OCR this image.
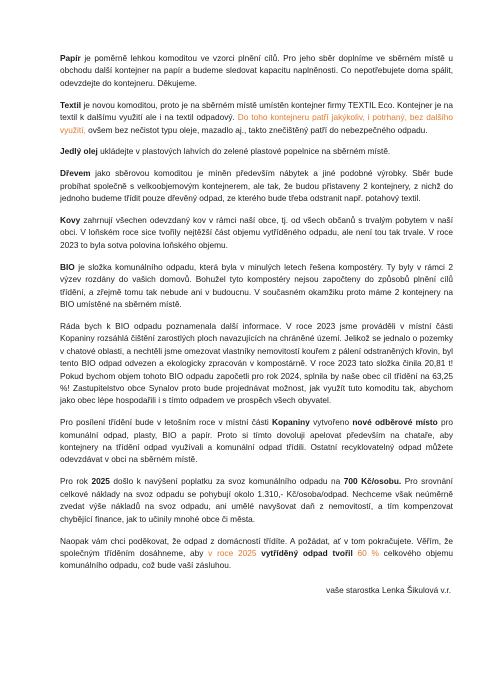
Papír je poměrně lehkou komoditou ve vzorci plnění cílů. Pro jeho sběr doplníme ve sběrném místě u obchodu další kontejner na papír a budeme sledovat kapacitu naplněnosti. Co nepotřebujete doma spálit, odevzdejte do kontejneru. Děkujeme.

Textil je novou komoditou, proto je na sběrném místě umístěn kontejner firmy TEXTIL Eco. Kontejner je na textil k dalšímu využití ale i na textil odpadový. Do toho kontejneru patří jakýkoliv, i potrhaný, bez dalšího využití, ovšem bez nečistot typu oleje, mazadlo aj., takto znečištěný patří do nebezpečného odpadu.

Jedlý olej ukládejte v plastových lahvích do zelené plastové popelnice na sběrném místě.

Dřevem jako sběrovou komoditou je míněn především nábytek a jiné podobné výrobky. Sběr bude probíhat společně s velkoobjemovým kontejnerem, ale tak, že budou přistaveny 2 kontejnery, z nichž do jednoho budeme třídit pouze dřevěný odpad, ze kterého bude třeba odstranit např. potahový textil.

Kovy zahrnují všechen odevzdaný kov v rámci naší obce, tj. od všech občanů s trvalým pobytem v naší obci. V loňském roce sice tvořily nejtěžší část objemu vytříděného odpadu, ale není tou tak trvale. V roce 2023 to byla sotva polovina loňského objemu.

BIO je složka komunálního odpadu, která byla v minulých letech řešena kompostéry. Ty byly v rámci 2 výzev rozdány do vašich domovů. Bohužel tyto kompostéry nejsou započteny do způsobů plnění cílů třídění, a zřejmě tomu tak nebude ani v budoucnu. V současném okamžiku proto máme 2 kontejnery na BIO umístěné na sběrném místě.

Ráda bych k BIO odpadu poznamenala další informace. V roce 2023 jsme prováděli v místní části Kopaniny rozsáhlá čištění zarostlých ploch navazujících na chráněné území. Jelikož se jednalo o pozemky v chatové oblasti, a nechtěli jsme omezovat vlastníky nemovitostí kouřem z pálení odstraněných křovin, byl tento BIO odpad odvezen a ekologicky zpracován v kompostárně. V roce 2023 tato složka činila 20,81 t! Pokud bychom objem tohoto BIO odpadu započetli pro rok 2024, splnila by naše obec cíl třídění na 63,25 %! Zastupitelstvo obce Synalov proto bude projednávat možnost, jak využít tuto komoditu tak, abychom jako obec lépe hospodařili i s tímto odpadem ve prospěch všech obyvatel.

Pro posílení třídění bude v letošním roce v místní části Kopaniny vytvořeno nové odběrové místo pro komunální odpad, plasty, BIO a papír. Proto si tímto dovoluji apelovat především na chataře, aby kontejnery na třídění odpad využívali a komunální odpad třídili. Ostatní recyklovatelný odpad můžete odevzdávat v obci na sběrném místě.

Pro rok 2025 došlo k navýšení poplatku za svoz komunálního odpadu na 700 Kč/osobu. Pro srovnání celkové náklady na svoz odpadu se pohybují okolo 1.310,- Kč/osoba/odpad. Nechceme však neúměrně zvedat výše nákladů na svoz odpadu, ani umělé navyšovat daň z nemovitostí, a tím kompenzovat chybějící finance, jak to učinily mnohé obce či města.

Naopak vám chci poděkovat, že odpad z domácností třídíte. A požádat, ať v tom pokračujete. Věřím, že společným tříděním dosáhneme, aby v roce 2025 vytříděný odpad tvořil 60 % celkového objemu komunálního odpadu, což bude vaší zásluhou.

vaše starostka Lenka Šikulová v.r.
